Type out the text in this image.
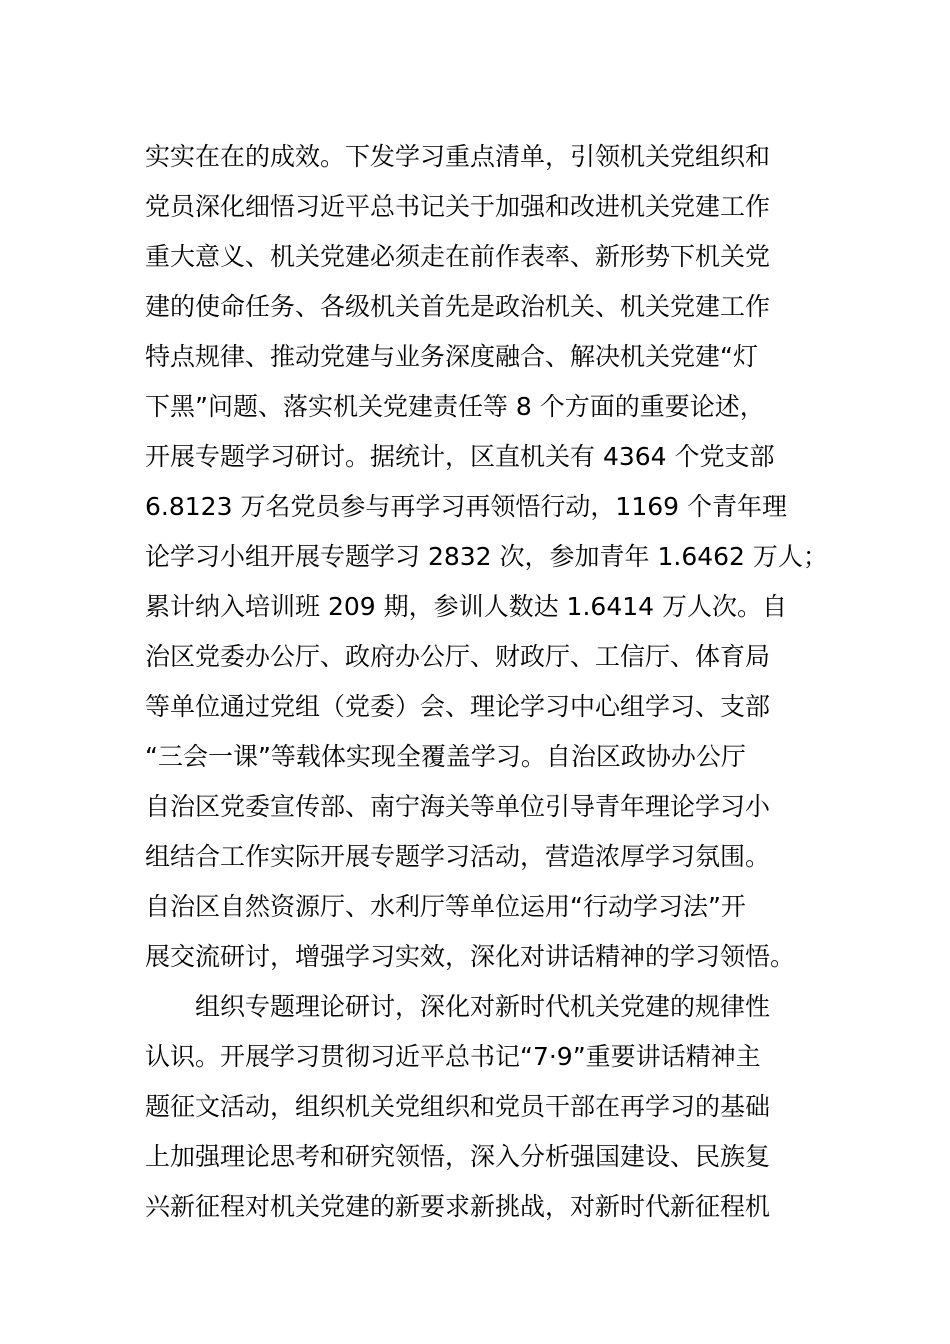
实实在在的成效。下发学习重点清单，引领机关党组织和
党员深化细悟习近平总书记关于加强和改进机关党建工作
重大意义、机关党建必须走在前作表率、新形势下机关党
建的使命任务、各级机关首先是政治机关、机关党建工作
特点规律、推动党建与业务深度融合、解决机关党建“灯
下黑”问题、落实机关党建责任等 8 个方面的重要论述，
开展专题学习研讨。据统计，区直机关有 4364 个党支部
6.8123 万名党员参与再学习再领悟行动，1169 个青年理
论学习小组开展专题学习 2832 次，参加青年 1.6462 万人；
累计纳入培训班 209 期，参训人数达 1.6414 万人次。自
治区党委办公厅、政府办公厅、财政厅、工信厅、体育局
等单位通过党组（党委）会、理论学习中心组学习、支部
“三会一课”等载体实现全覆盖学习。自治区政协办公厅
自治区党委宣传部、南宁海关等单位引导青年理论学习小
组结合工作实际开展专题学习活动，营造浓厚学习氛围。
自治区自然资源厅、水利厅等单位运用“行动学习法”开
展交流研讨，增强学习实效，深化对讲话精神的学习领悟。
组织专题理论研讨，深化对新时代机关党建的规律性
认识。开展学习贯彻习近平总书记“7·9”重要讲话精神主
题征文活动，组织机关党组织和党员干部在再学习的基础
上加强理论思考和研究领悟，深入分析强国建设、民族复
兴新征程对机关党建的新要求新挑战，对新时代新征程机
